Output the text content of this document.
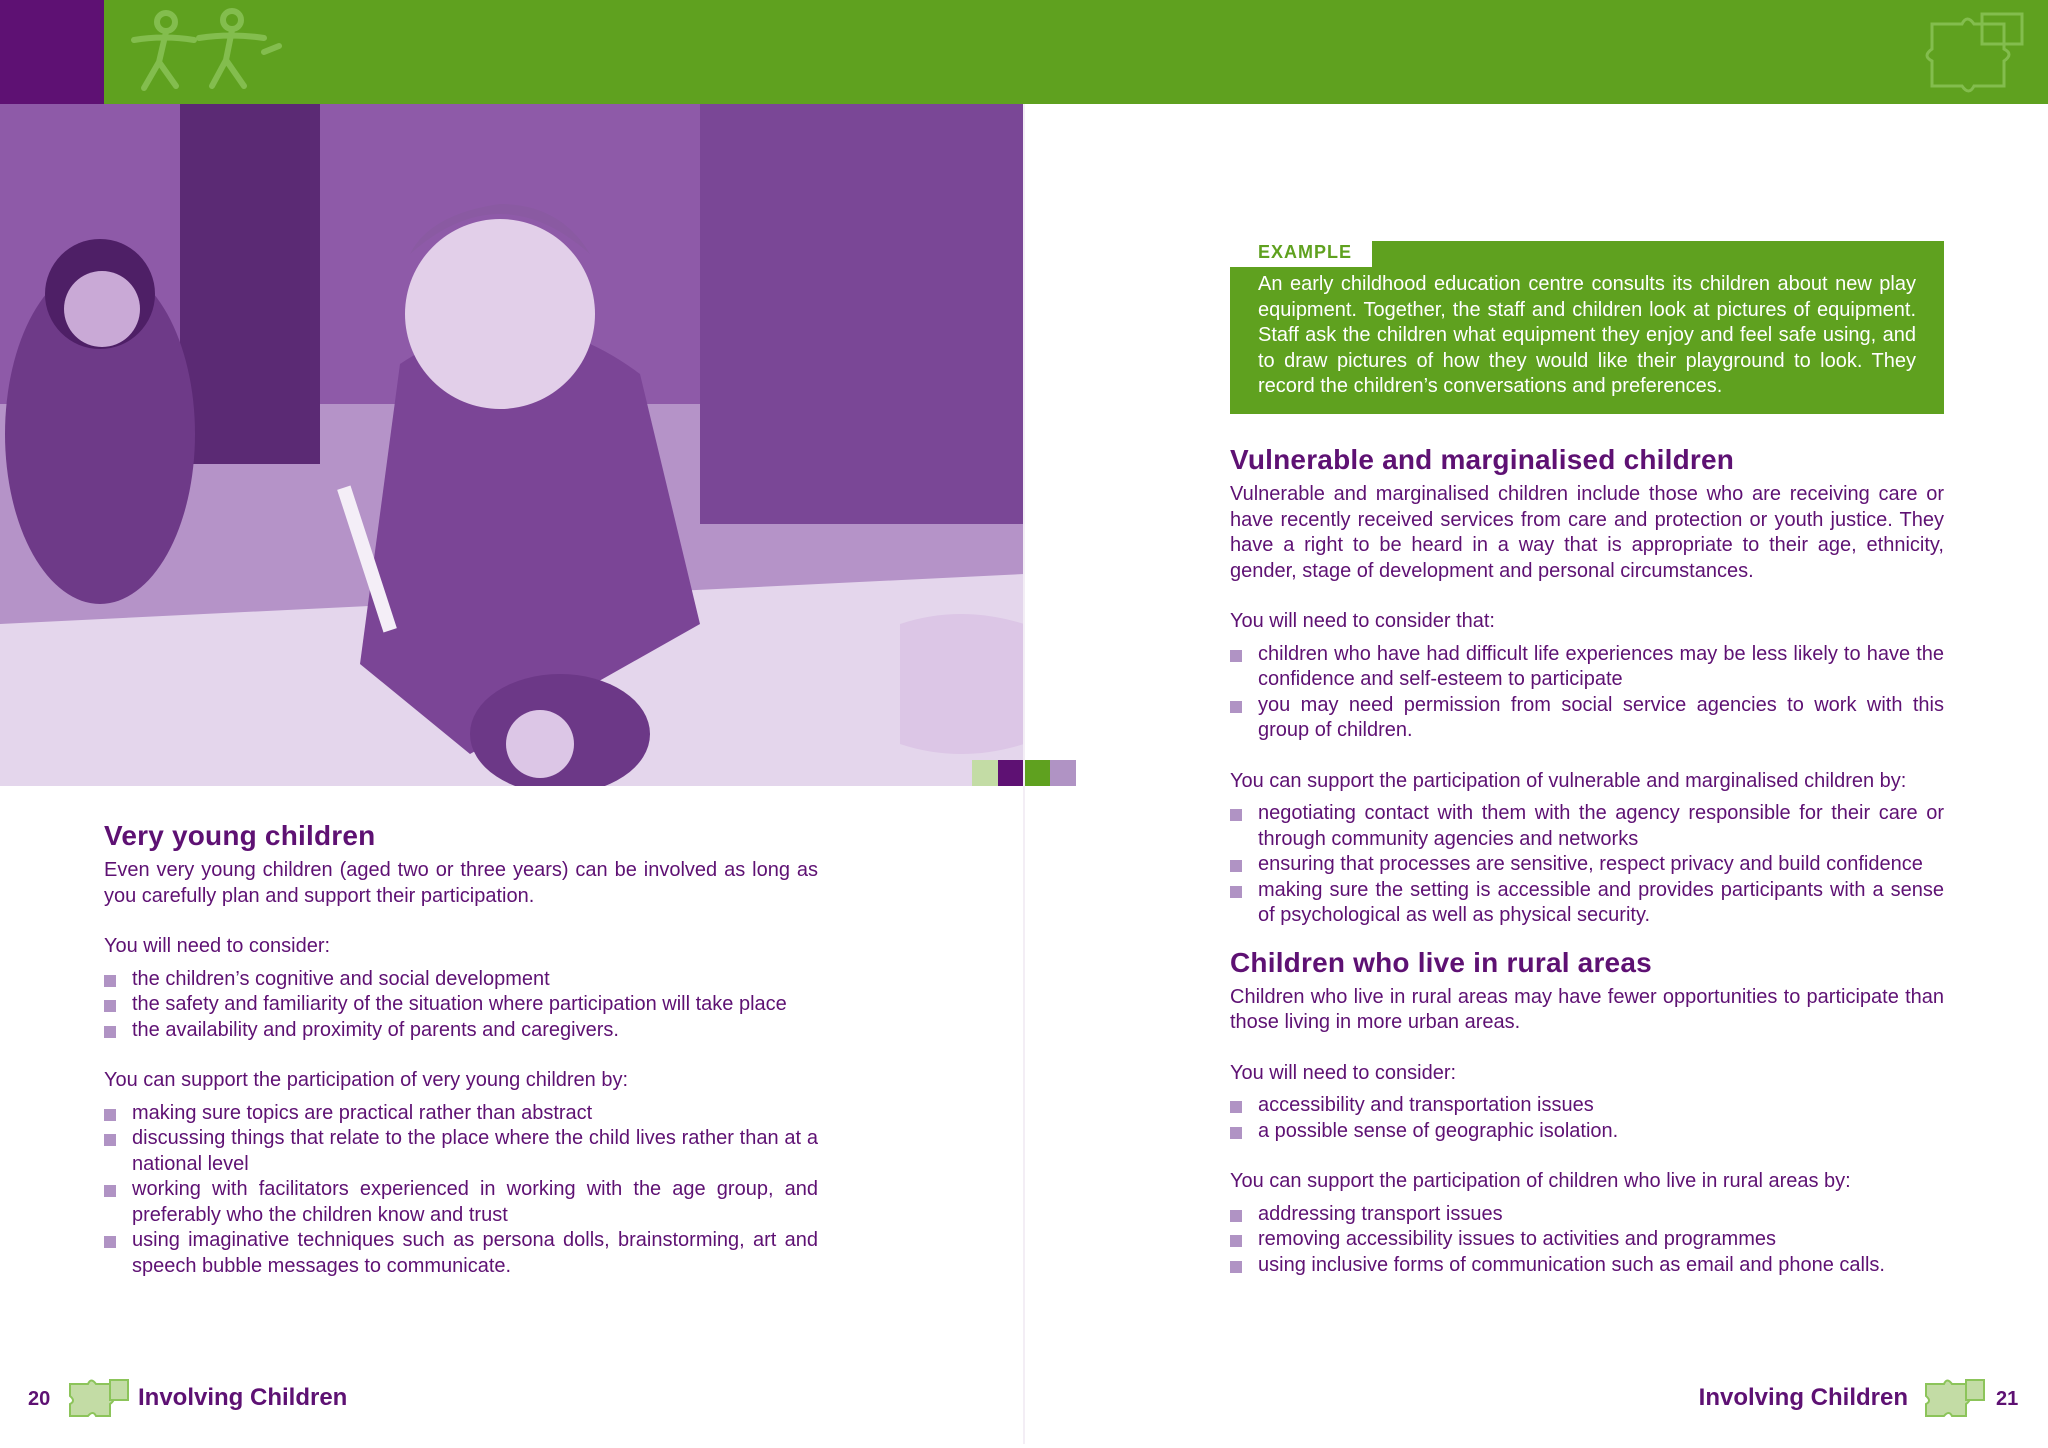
Very young children

Even very young children (aged two or three years) can be involved as long as you carefully plan and support their participation.

You will need to consider:

the children’s cognitive and social development
the safety and familiarity of the situation where participation will take place
the availability and proximity of parents and caregivers.

You can support the participation of very young children by:

making sure topics are practical rather than abstract
discussing things that relate to the place where the child lives rather than at a national level
working with facilitators experienced in working with the age group, and preferably who the children know and trust
using imaginative techniques such as persona dolls, brainstorming, art and speech bubble messages to communicate.
EXAMPLE

An early childhood education centre consults its children about new play equipment. Together, the staff and children look at pictures of equipment. Staff ask the children what equipment they enjoy and feel safe using, and to draw pictures of how they would like their playground to look. They record the children’s conversations and preferences.

Vulnerable and marginalised children

Vulnerable and marginalised children include those who are receiving care or have recently received services from care and protection or youth justice. They have a right to be heard in a way that is appropriate to their age, ethnicity, gender, stage of development and personal circumstances.

You will need to consider that:

children who have had difficult life experiences may be less likely to have the confidence and self-esteem to participate
you may need permission from social service agencies to work with this group of children.

You can support the participation of vulnerable and marginalised children by:

negotiating contact with them with the agency responsible for their care or through community agencies and networks
ensuring that processes are sensitive, respect privacy and build confidence
making sure the setting is accessible and provides participants with a sense of psychological as well as physical security.
Children who live in rural areas

Children who live in rural areas may have fewer opportunities to participate than those living in more urban areas.

You will need to consider:

accessibility and transportation issues
a possible sense of geographic isolation.

You can support the participation of children who live in rural areas by:

addressing transport issues
removing accessibility issues to activities and programmes
using inclusive forms of communication such as email and phone calls.
20	Involving Children	Involving Children	21
